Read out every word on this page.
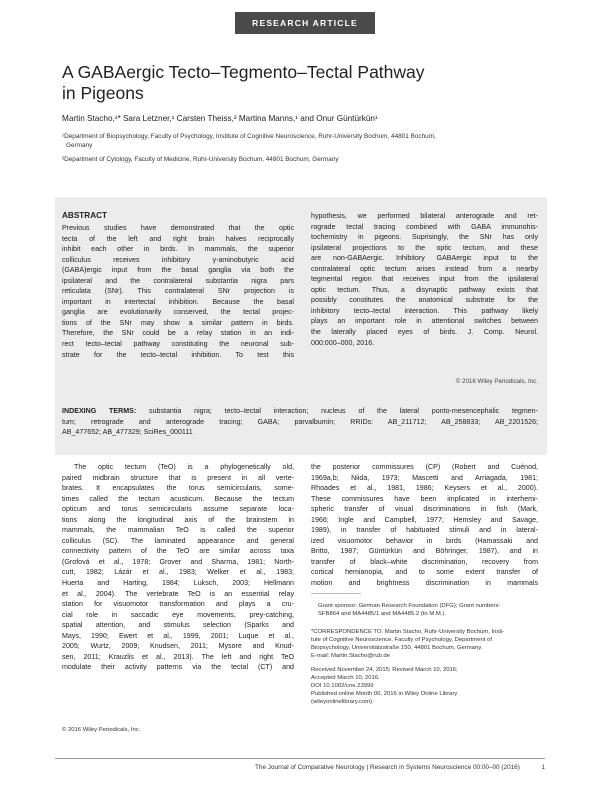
RESEARCH ARTICLE
A GABAergic Tecto–Tegmento–Tectal Pathway
in Pigeons
Martin Stacho,¹* Sara Letzner,¹ Carsten Theiss,² Martina Manns,¹ and Onur Güntürkün¹
¹Department of Biopsychology, Faculty of Psychology, Institute of Cognitive Neuroscience, Ruhr-University Bochum, 44801 Bochum,
Germany
²Department of Cytology, Faculty of Medicine, Ruhr-University Bochum, 44801 Bochum, Germany
ABSTRACT
Previous studies have demonstrated that the optic
tecta of the left and right brain halves reciprocally
inhibit each other in birds. In mammals, the superior
colliculus receives inhibitory γ-aminobutyric acid
(GABA)ergic input from the basal ganglia via both the
ipsilateral and the contralateral substantia nigra pars
reticulata (SNr). This contralateral SNr projection is
important in intertectal inhibition. Because the basal
ganglia are evolutionarily conserved, the tectal projec-
tions of the SNr may show a similar pattern in birds.
Therefore, the SNr could be a relay station in an indi-
rect tecto–tectal pathway constituting the neuronal sub-
strate for the tecto–tectal inhibition. To test this
hypothesis, we performed bilateral anterograde and ret-
rograde tectal tracing combined with GABA immunohis-
tochemistry in pigeons. Suprisingly, the SNr has only
ipsilateral projections to the optic tectum, and these
are non-GABAergic. Inhibitory GABAergic input to the
contralateral optic tectum arises instead from a nearby
tegmental region that receives input from the ipsilateral
optic tectum. Thus, a disynaptic pathway exists that
possibly constitutes the anatomical substrate for the
inhibitory tecto–tectal interaction. This pathway likely
plays an important role in attentional switches between
the laterally placed eyes of birds. J. Comp. Neurol.
000:000–000, 2016.
© 2016 Wiley Periodicals, Inc.
INDEXING TERMS: substantia nigra; tecto–tectal interaction; nucleus of the lateral ponto-mesencephalic tegmen-
tum; retrograde and anterograde tracing; GABA; parvalbumin; RRIDs: AB_211712; AB_258833; AB_2201526;
AB_477652; AB_477329; SciRes_000111
The optic tectum (TeO) is a phylogenetically old,
paired midbrain structure that is present in all verte-
brates. It encapsulates the torus semicircularis, some-
times called the tectum acusticum. Because the tectum
opticum and torus semicircularis assume separate loca-
tions along the longitudinal axis of the brainstem in
mammals, the mammalian TeO is called the superior
colliculus (SC). The laminated appearance and general
connectivity pattern of the TeO are similar across taxa
(Grofová et al., 1978; Grover and Sharma, 1981; North-
cutt, 1982; Lázár et al., 1983; Welker et al., 1983;
Huerta and Harting, 1984; Luksch, 2003; Hellmann
et al., 2004). The vertebrate TeO is an essential relay
station for visuomotor transformation and plays a cru-
cial role in saccadic eye movements, prey-catching,
spatial attention, and stimulus selection (Sparks and
Mays, 1990; Ewert et al., 1999, 2001; Luque et al.,
2005; Wurtz, 2009; Knudsen, 2011; Mysore and Knud-
sen, 2011; Krauzlis et al., 2013). The left and right TeO
modulate their activity patterns via the tectal (CT) and
the posterior commissures (CP) (Robert and Cuénod,
1969a,b; Niida, 1973; Mascetti and Arriagada, 1981;
Rhoades et al., 1981, 1986; Keysers et al., 2000).
These commissures have been implicated in interhemi-
spheric transfer of visual discriminations in fish (Mark,
1966; Ingle and Campbell, 1977; Hemsley and Savage,
1989), in transfer of habituated stimuli and in lateral-
ized visuomotor behavior in birds (Hamassaki and
Britto, 1987; Güntürkün and Böhringer, 1987), and in
transfer of black–white discrimination, recovery from
cortical hemianopia, and to some extent transfer of
motion and brightness discrimination in mammals
© 2016 Wiley Periodicals, Inc.
Grant sponsor: German Research Foundation (DFG); Grant numbers:
SFB864 and MA4485/1 and MA4485.2 (to M.M.).
*CORRESPONDENCE TO: Martin Stacho, Ruhr-University Bochum, Insti-
tute of Cognitive Neuroscience, Faculty of Psychology, Department of
Biopsychology, Universitätsstraße 150, 44801 Bochum, Germany.
E-mail: Martin.Stacho@rub.de
Received November 24, 2015; Revised March 10, 2016;
Accepted March 10, 2016.
DOI 10.1002/cne.23999
Published online Month 00, 2016 in Wiley Online Library
(wileyonlinelibrary.com).
The Journal of Comparative Neurology | Research in Systems Neuroscience 00:00–00 (2016)	1
